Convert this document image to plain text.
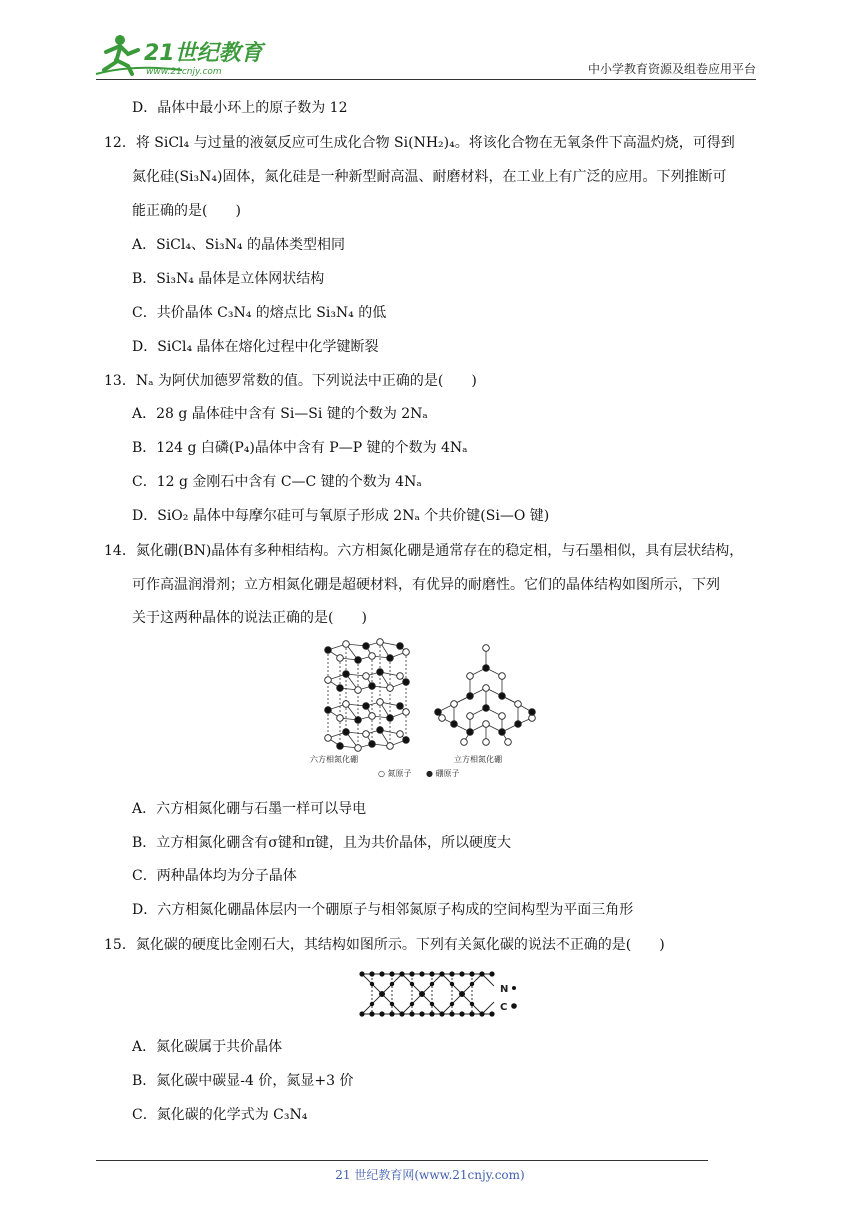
21世纪教育
www.21cnjy.com	中小学教育资源及组卷应用平台
D．晶体中最小环上的原子数为 12
12．将 SiCl₄ 与过量的液氨反应可生成化合物 Si(NH₂)₄。将该化合物在无氧条件下高温灼烧，可得到
氮化硅(Si₃N₄)固体，氮化硅是一种新型耐高温、耐磨材料，在工业上有广泛的应用。下列推断可
能正确的是(　　)
A．SiCl₄、Si₃N₄ 的晶体类型相同
B．Si₃N₄ 晶体是立体网状结构
C．共价晶体 C₃N₄ 的熔点比 Si₃N₄ 的低
D．SiCl₄ 晶体在熔化过程中化学键断裂
13．Nₐ 为阿伏加德罗常数的值。下列说法中正确的是(　　)
A．28 g 晶体硅中含有 Si—Si 键的个数为 2Nₐ
B．124 g 白磷(P₄)晶体中含有 P—P 键的个数为 4Nₐ
C．12 g 金刚石中含有 C—C 键的个数为 4Nₐ
D．SiO₂ 晶体中每摩尔硅可与氧原子形成 2Nₐ 个共价键(Si—O 键)
14．氮化硼(BN)晶体有多种相结构。六方相氮化硼是通常存在的稳定相，与石墨相似，具有层状结构，
可作高温润滑剂；立方相氮化硼是超硬材料，有优异的耐磨性。它们的晶体结构如图所示，下列
关于这两种晶体的说法正确的是(　　)
六方相氮化硼	立方相氮化硼
○ 氮原子 ● 硼原子
A．六方相氮化硼与石墨一样可以导电
B．立方相氮化硼含有σ键和π键，且为共价晶体，所以硬度大
C．两种晶体均为分子晶体
D．六方相氮化硼晶体层内一个硼原子与相邻氮原子构成的空间构型为平面三角形
15．氮化碳的硬度比金刚石大，其结构如图所示。下列有关氮化碳的说法不正确的是(　　)
N
C
A．氮化碳属于共价晶体
B．氮化碳中碳显-4 价，氮显+3 价
C．氮化碳的化学式为 C₃N₄
21 世纪教育网(www.21cnjy.com)
